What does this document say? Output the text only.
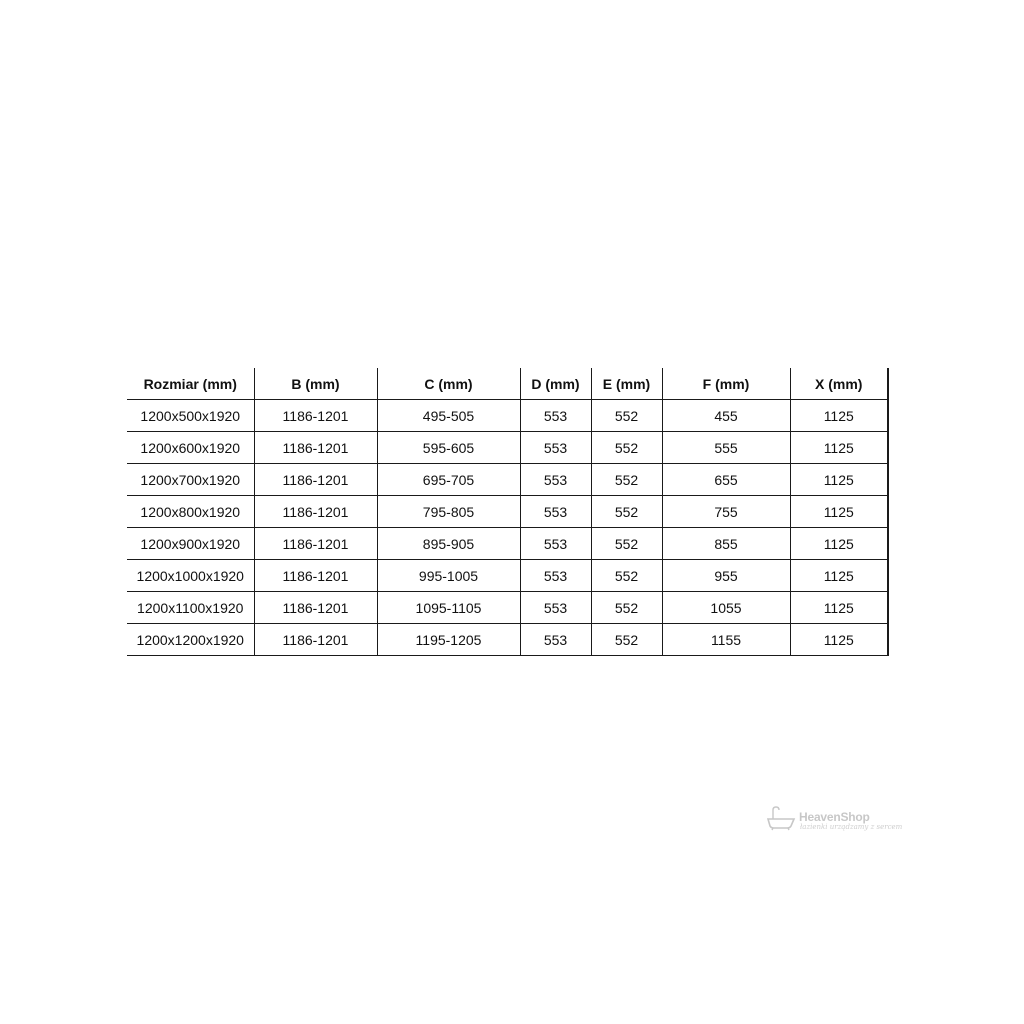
Rozmiar (mm)	B (mm)	C (mm)	D (mm)	E (mm)	F (mm)	X (mm)
1200x500x1920	1186-1201	495-505	553	552	455	1125
1200x600x1920	1186-1201	595-605	553	552	555	1125
1200x700x1920	1186-1201	695-705	553	552	655	1125
1200x800x1920	1186-1201	795-805	553	552	755	1125
1200x900x1920	1186-1201	895-905	553	552	855	1125
1200x1000x1920	1186-1201	995-1005	553	552	955	1125
1200x1100x1920	1186-1201	1095-1105	553	552	1055	1125
1200x1200x1920	1186-1201	1195-1205	553	552	1155	1125
HeavenShop
łazienki urządzamy z sercem
